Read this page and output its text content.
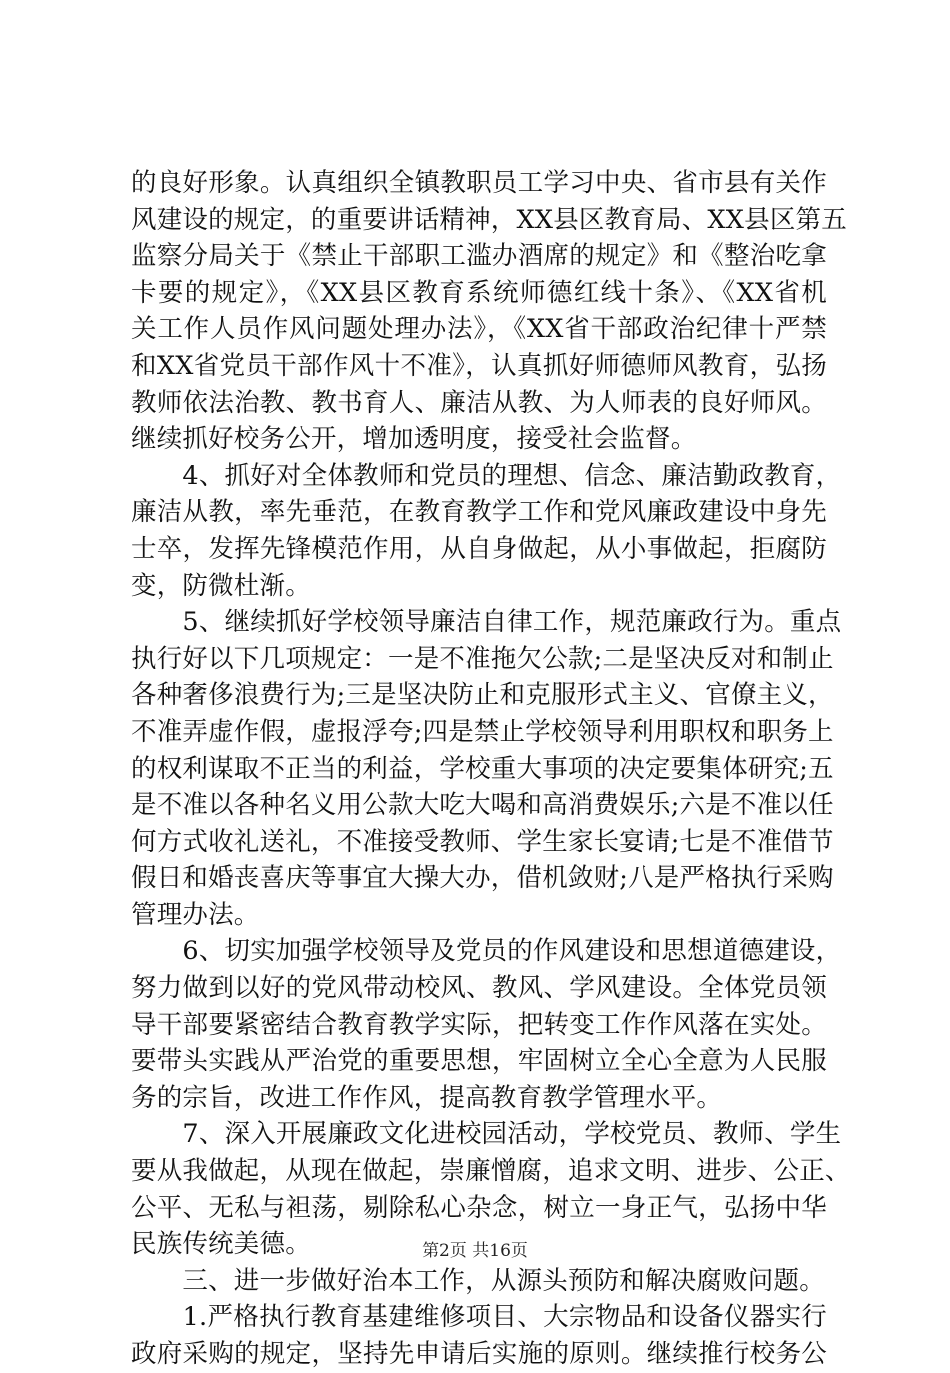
的良好形象。认真组织全镇教职员工学习中央、省市县有关作
风建设的规定，的重要讲话精神，XX县区教育局、XX县区第五
监察分局关于《禁止干部职工滥办酒席的规定》和《整治吃拿
卡要的规定》，《XX县区教育系统师德红线十条》、《XX省机
关工作人员作风问题处理办法》，《XX省干部政治纪律十严禁
和XX省党员干部作风十不准》，认真抓好师德师风教育，弘扬
教师依法治教、教书育人、廉洁从教、为人师表的良好师风。
继续抓好校务公开，增加透明度，接受社会监督。
　　4、抓好对全体教师和党员的理想、信念、廉洁勤政教育，
廉洁从教，率先垂范，在教育教学工作和党风廉政建设中身先
士卒，发挥先锋模范作用，从自身做起，从小事做起，拒腐防
变，防微杜渐。
　　5、继续抓好学校领导廉洁自律工作，规范廉政行为。重点
执行好以下几项规定：一是不准拖欠公款;二是坚决反对和制止
各种奢侈浪费行为;三是坚决防止和克服形式主义、官僚主义，
不准弄虚作假，虚报浮夸;四是禁止学校领导利用职权和职务上
的权利谋取不正当的利益，学校重大事项的决定要集体研究;五
是不准以各种名义用公款大吃大喝和高消费娱乐;六是不准以任
何方式收礼送礼，不准接受教师、学生家长宴请;七是不准借节
假日和婚丧喜庆等事宜大操大办，借机敛财;八是严格执行采购
管理办法。
　　6、切实加强学校领导及党员的作风建设和思想道德建设，
努力做到以好的党风带动校风、教风、学风建设。全体党员领
导干部要紧密结合教育教学实际，把转变工作作风落在实处。
要带头实践从严治党的重要思想，牢固树立全心全意为人民服
务的宗旨，改进工作作风，提高教育教学管理水平。
　　7、深入开展廉政文化进校园活动，学校党员、教师、学生
要从我做起，从现在做起，崇廉憎腐，追求文明、进步、公正、
公平、无私与袒荡，剔除私心杂念，树立一身正气，弘扬中华
民族传统美德。
　　三、进一步做好治本工作，从源头预防和解决腐败问题。
　　1.严格执行教育基建维修项目、大宗物品和设备仪器实行
政府采购的规定，坚持先申请后实施的原则。继续推行校务公
第2页 共16页
